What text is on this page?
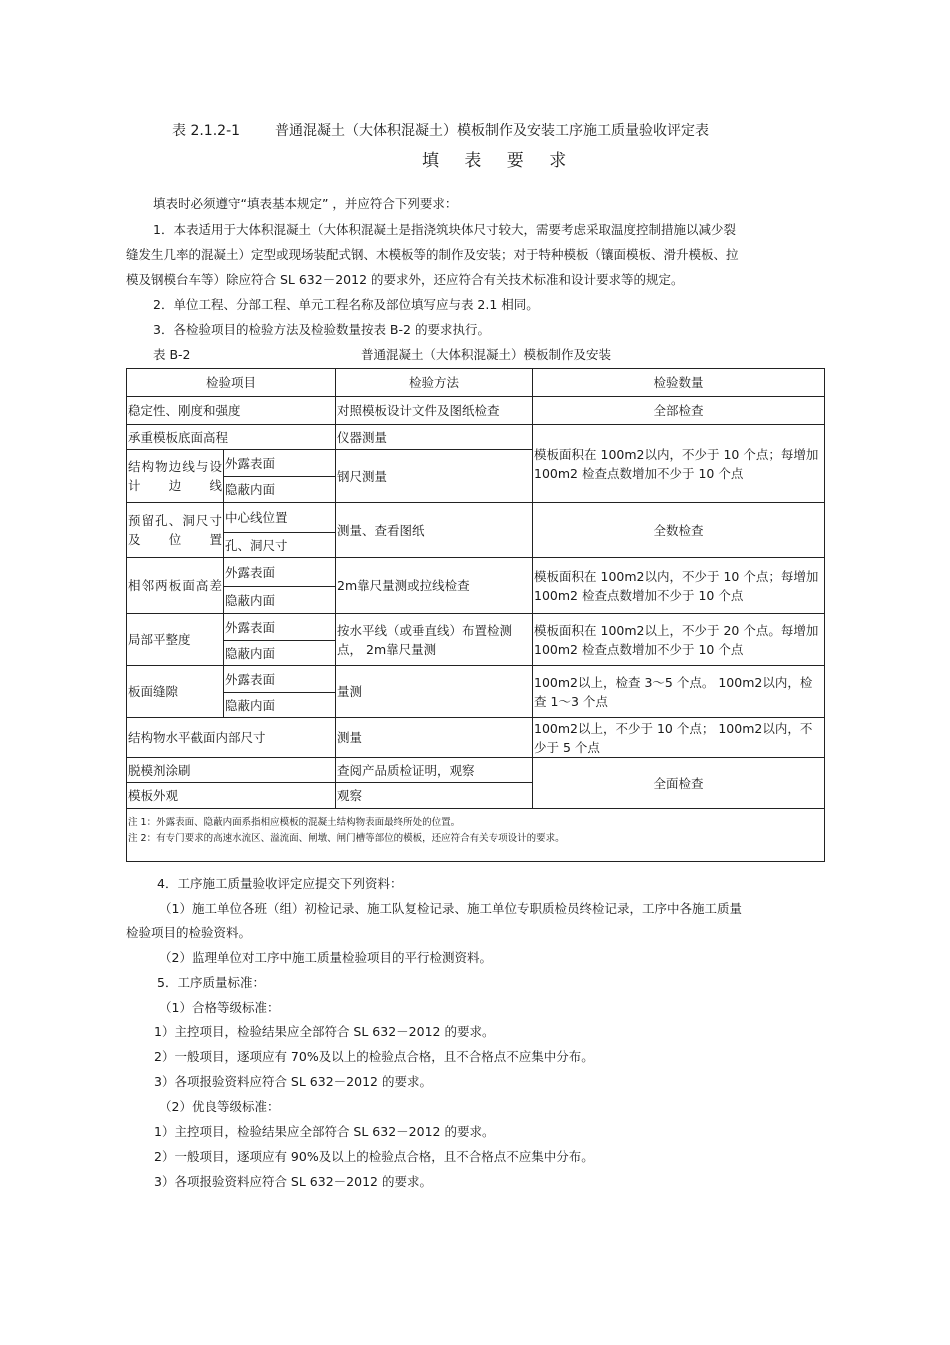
表 2.1.2-1 普通混凝土（大体积混凝土）模板制作及安装工序施工质量验收评定表
填 表 要 求
填表时必须遵守“填表基本规定” ，并应符合下列要求：
1．本表适用于大体积混凝土（大体积混凝土是指浇筑块体尺寸较大，需要考虑采取温度控制措施以减少裂
缝发生几率的混凝土）定型或现场装配式钢、木模板等的制作及安装；对于特种模板（镶面模板、滑升模板、拉
模及钢模台车等）除应符合 SL 632－2012 的要求外，还应符合有关技术标准和设计要求等的规定。
2．单位工程、分部工程、单元工程名称及部位填写应与表 2.1 相同。
3．各检验项目的检验方法及检验数量按表 B-2 的要求执行。
表 B-2	普通混凝土（大体积混凝土）模板制作及安装
检验项目		检验方法	检验数量
稳定性、刚度和强度		对照模板设计文件及图纸检查	全部检查
承重模板底面高程		仪器测量	模板面积在 100m2以内，不少于 10 个点；每增加 100m2 检查点数增加不少于 10 个点
结构物边线与设计边线	外露表面	钢尺测量	
	隐蔽内面		
预留孔、洞尺寸及位置	中心线位置	测量、查看图纸	全数检查
	孔、洞尺寸		
相邻两板面高差	外露表面	2m靠尺量测或拉线检查	模板面积在 100m2以内，不少于 10 个点；每增加 100m2 检查点数增加不少于 10 个点
	隐蔽内面		
局部平整度	外露表面	按水平线（或垂直线）布置检测点， 2m靠尺量测	模板面积在 100m2以上，不少于 20 个点。每增加 100m2 检查点数增加不少于 10 个点
	隐蔽内面		
板面缝隙	外露表面	量测	100m2以上，检查 3～5 个点。 100m2以内，检查 1～3 个点
	隐蔽内面		
结构物水平截面内部尺寸		测量	100m2以上，不少于 10 个点； 100m2以内，不少于 5 个点
脱模剂涂刷		查阅产品质检证明，观察	全面检查
模板外观		观察	

注 1：外露表面、隐蔽内面系指相应模板的混凝土结构物表面最终所处的位置。
注 2：有专门要求的高速水流区、溢流面、闸墩、闸门槽等部位的模板，还应符合有关专项设计的要求。			
4．工序施工质量验收评定应提交下列资料：
（1）施工单位各班（组）初检记录、施工队复检记录、施工单位专职质检员终检记录，工序中各施工质量
检验项目的检验资料。
（2）监理单位对工序中施工质量检验项目的平行检测资料。
5．工序质量标准：
（1）合格等级标准：
1）主控项目，检验结果应全部符合 SL 632－2012 的要求。
2）一般项目，逐项应有 70%及以上的检验点合格，且不合格点不应集中分布。
3）各项报验资料应符合 SL 632－2012 的要求。
（2）优良等级标准：
1）主控项目，检验结果应全部符合 SL 632－2012 的要求。
2）一般项目，逐项应有 90%及以上的检验点合格，且不合格点不应集中分布。
3）各项报验资料应符合 SL 632－2012 的要求。
